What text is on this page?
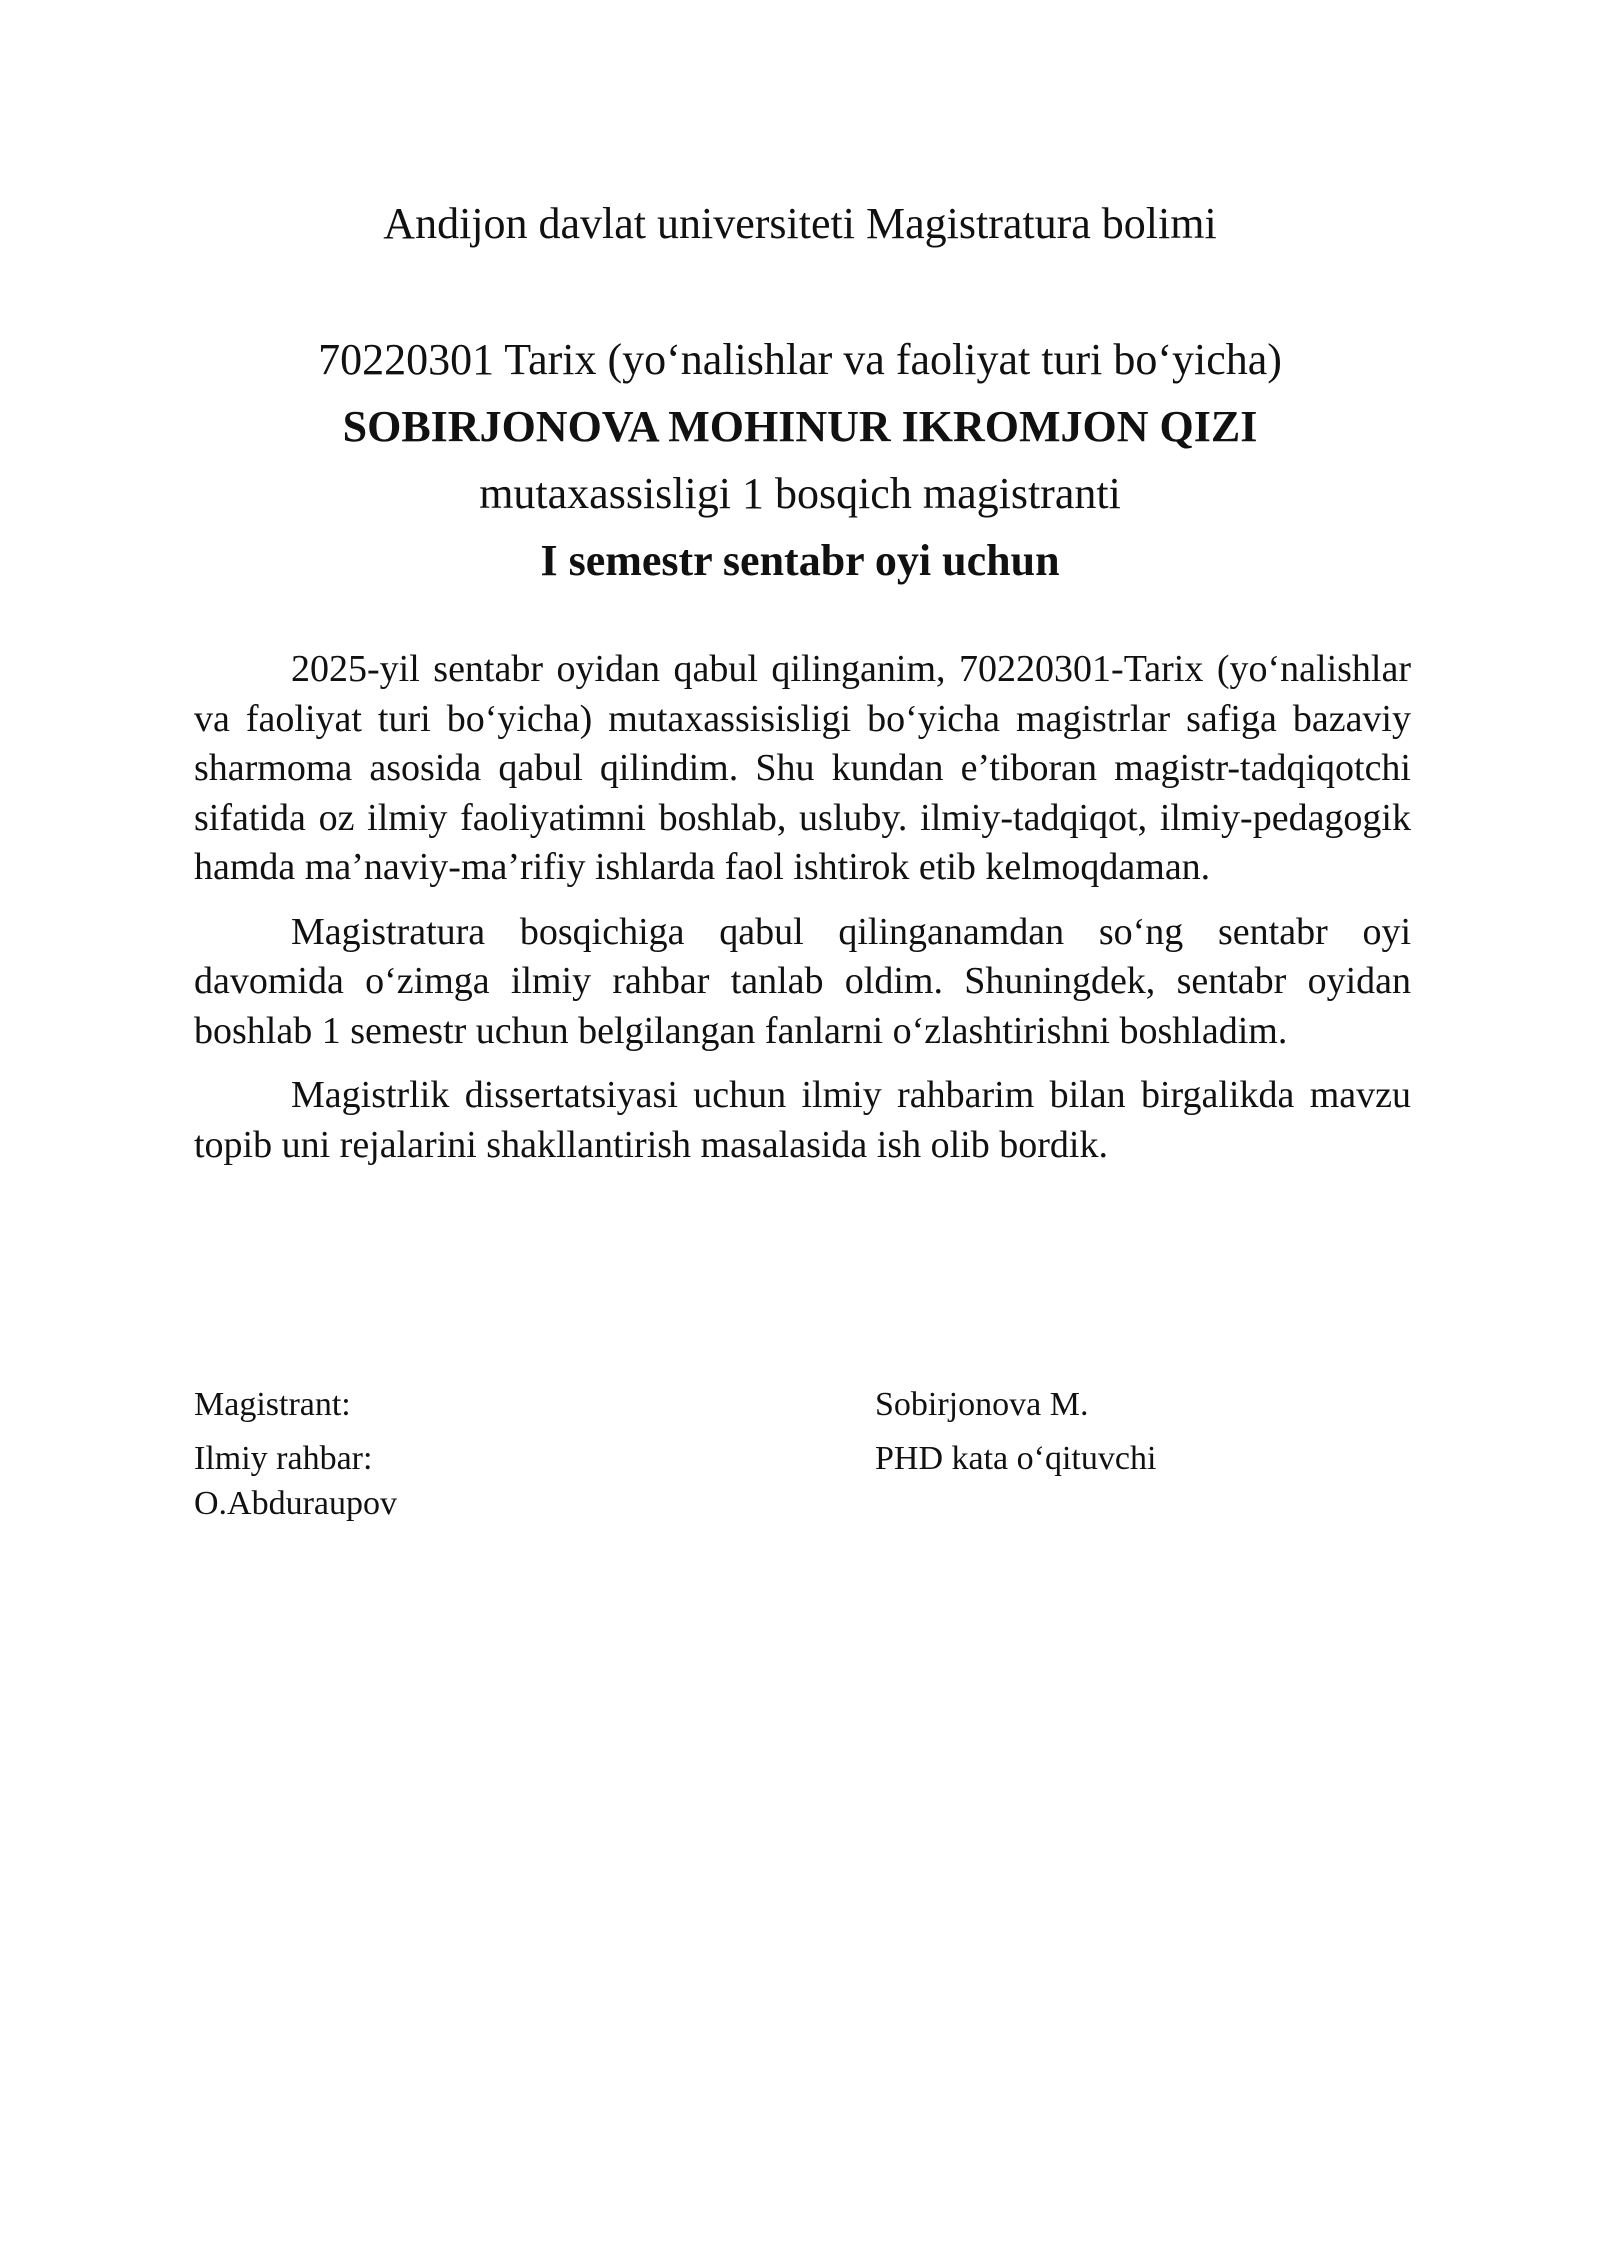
Andijon davlat universiteti Magistratura bolimi
70220301 Tarix (yo‘nalishlar va faoliyat turi bo‘yicha)
SOBIRJONOVA MOHINUR IKROMJON QIZI
mutaxassisligi 1 bosqich magistranti
I semestr sentabr oyi uchun

2025-yil sentabr oyidan qabul qilinganim, 70220301-Tarix (yo‘nalishlar va faoliyat turi bo‘yicha) mutaxassisisligi bo‘yicha magistrlar safiga bazaviy sharmoma asosida qabul qilindim. Shu kundan e’tiboran magistr-tadqiqotchi sifatida oz ilmiy faoliyatimni boshlab, usluby. ilmiy-tadqiqot, ilmiy-pedagogik hamda ma’naviy-ma’rifiy ishlarda faol ishtirok etib kelmoqdaman.

Magistratura bosqichiga qabul qilinganamdan so‘ng sentabr oyi davomida o‘zimga ilmiy rahbar tanlab oldim. Shuningdek, sentabr oyidan boshlab 1 semestr uchun belgilangan fanlarni o‘zlashtirishni boshladim.

Magistrlik dissertatsiyasi uchun ilmiy rahbarim bilan birgalikda mavzu topib uni rejalarini shakllantirish masalasida ish olib bordik.

Magistrant:	Sobirjonova M.
Ilmiy rahbar:	PHD kata o‘qituvchi
O.Abduraupov
